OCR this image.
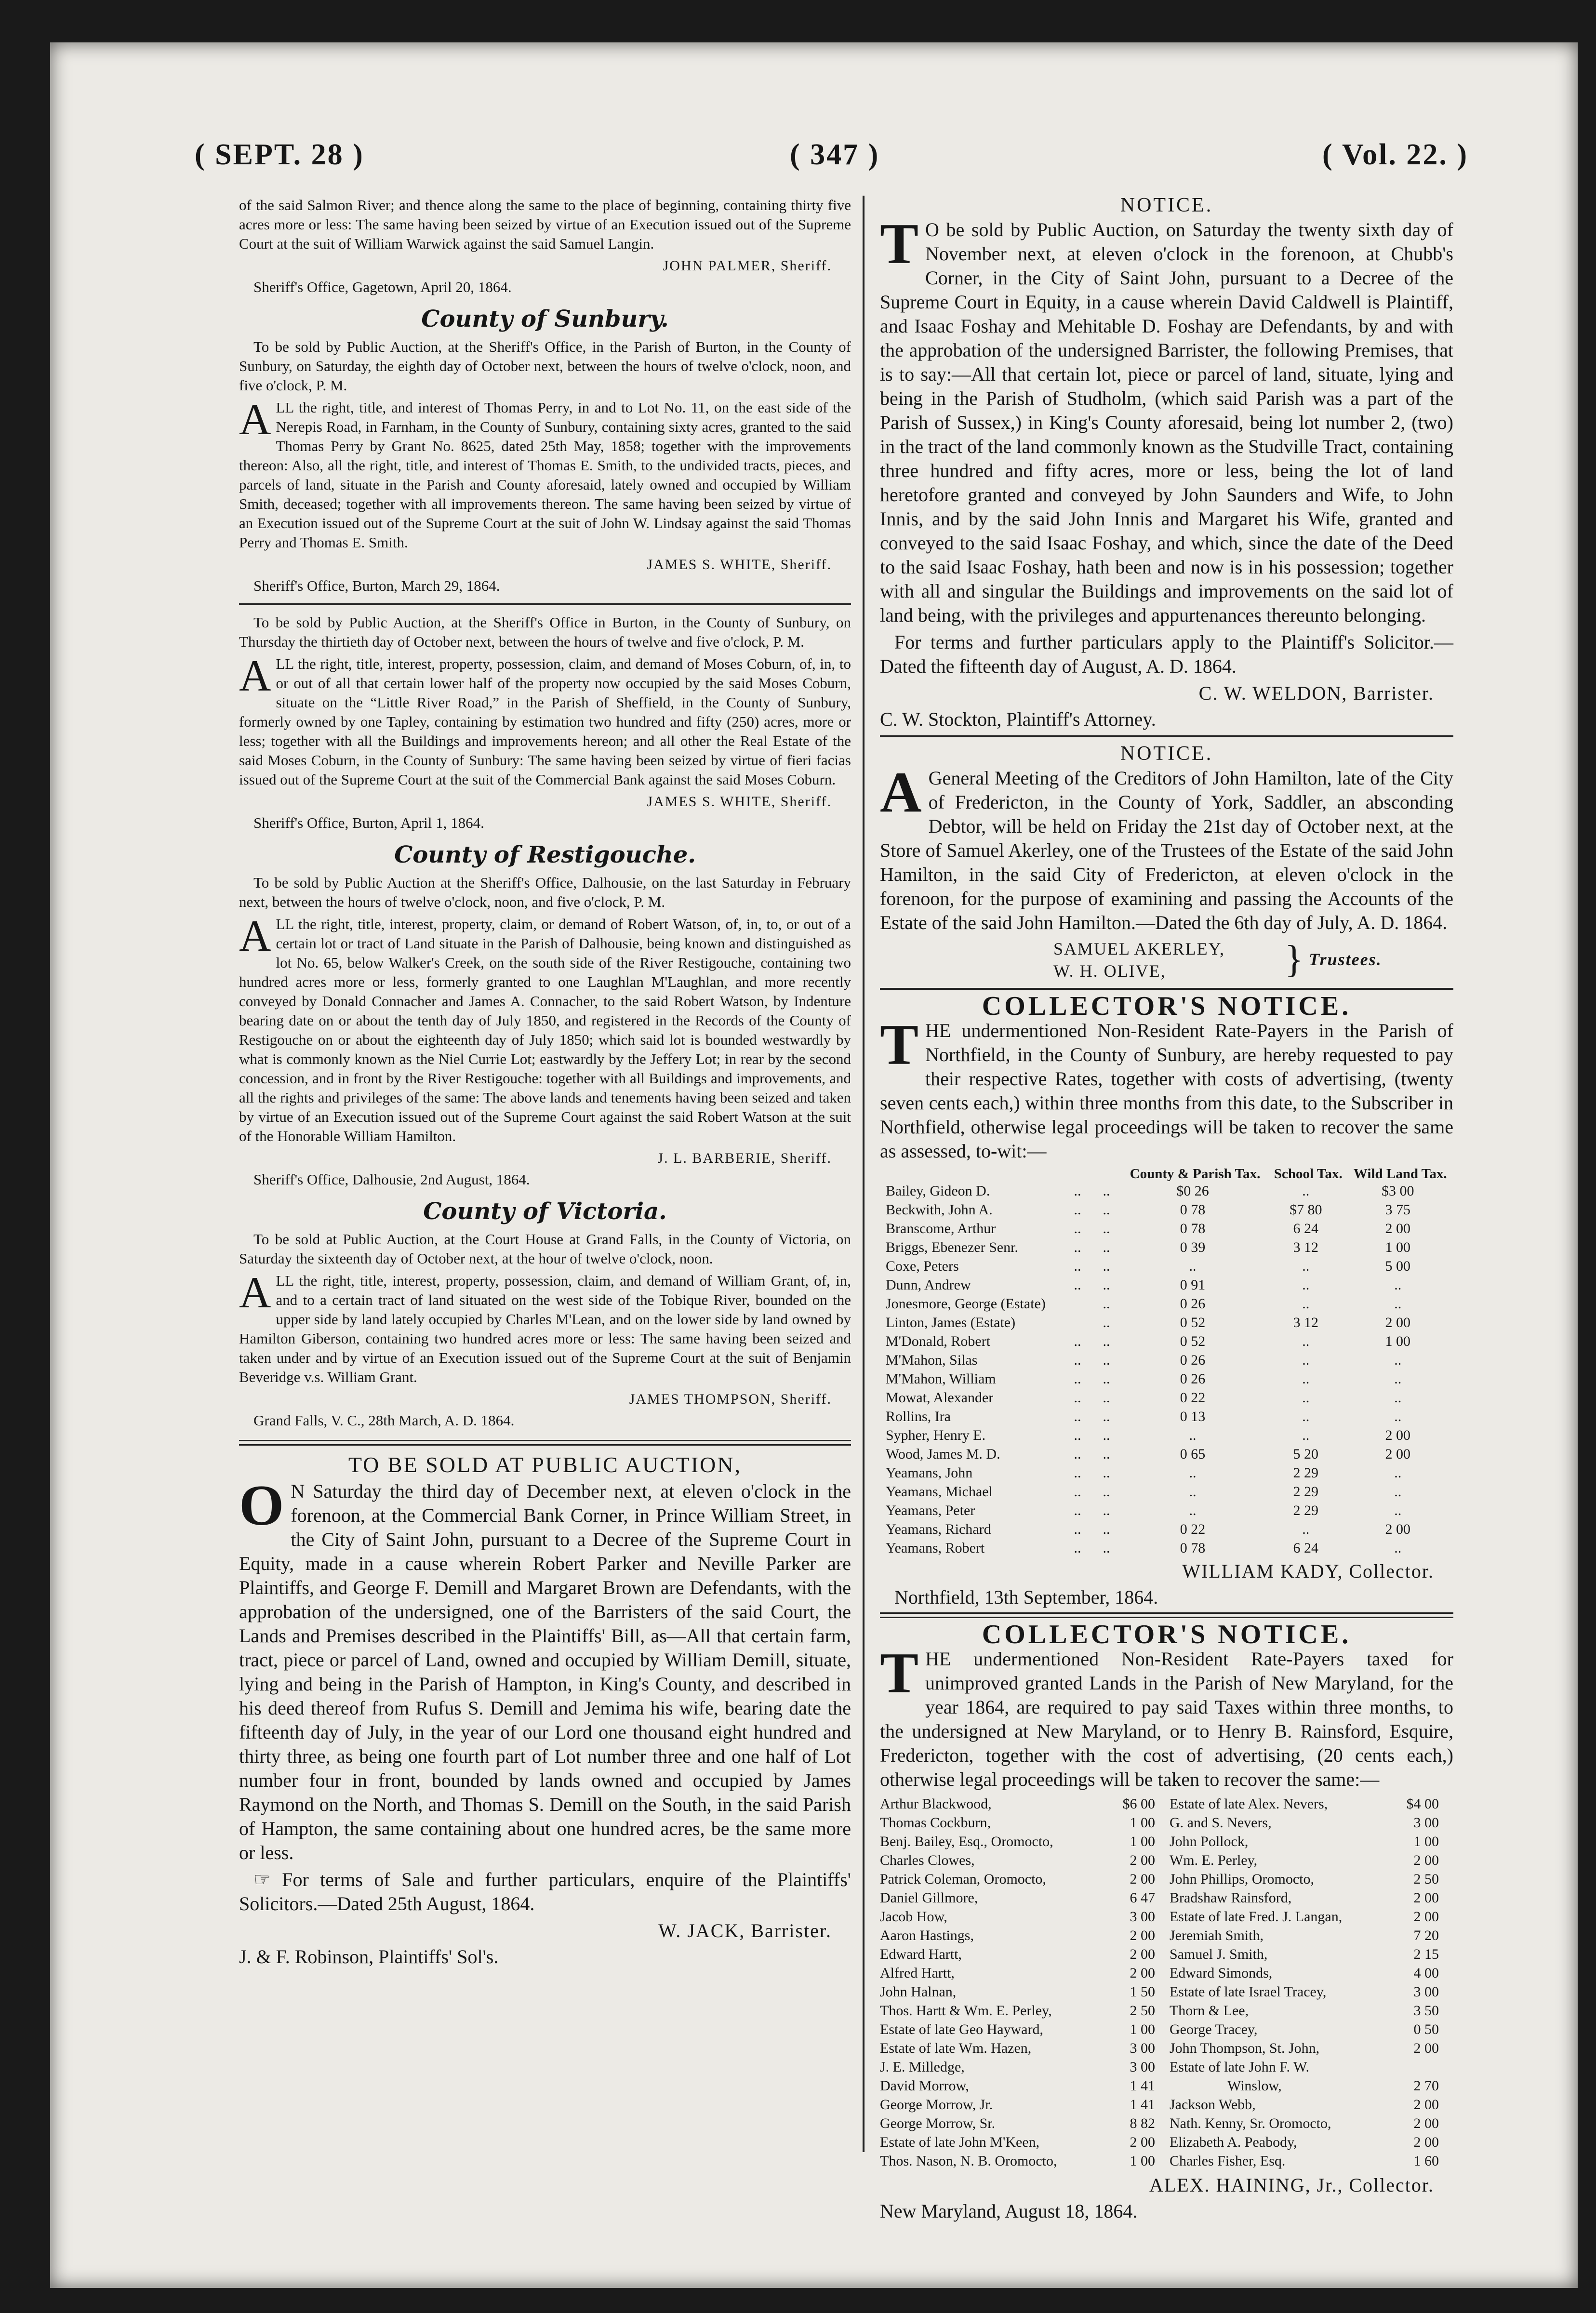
( SEPT. 28 )	( 347 )	( Vol. 22. )

of the said Salmon River; and thence along the same to the place of beginning, containing thirty five acres more or less: The same having been seized by virtue of an Execution issued out of the Supreme Court at the suit of William Warwick against the said Samuel Langin.

JOHN PALMER, Sheriff.

Sheriff's Office, Gagetown, April 20, 1864.

County of Sunbury.

To be sold by Public Auction, at the Sheriff's Office, in the Parish of Burton, in the County of Sunbury, on Saturday, the eighth day of October next, between the hours of twelve o'clock, noon, and five o'clock, P. M.

ALL the right, title, and interest of Thomas Perry, in and to Lot No. 11, on the east side of the Nerepis Road, in Farnham, in the County of Sunbury, containing sixty acres, granted to the said Thomas Perry by Grant No. 8625, dated 25th May, 1858; together with the improvements thereon: Also, all the right, title, and interest of Thomas E. Smith, to the undivided tracts, pieces, and parcels of land, situate in the Parish and County aforesaid, lately owned and occupied by William Smith, deceased; together with all improvements thereon. The same having been seized by virtue of an Execution issued out of the Supreme Court at the suit of John W. Lindsay against the said Thomas Perry and Thomas E. Smith.

JAMES S. WHITE, Sheriff.

Sheriff's Office, Burton, March 29, 1864.

To be sold by Public Auction, at the Sheriff's Office in Burton, in the County of Sunbury, on Thursday the thirtieth day of October next, between the hours of twelve and five o'clock, P. M.

ALL the right, title, interest, property, possession, claim, and demand of Moses Coburn, of, in, to or out of all that certain lower half of the property now occupied by the said Moses Coburn, situate on the “Little River Road,” in the Parish of Sheffield, in the County of Sunbury, formerly owned by one Tapley, containing by estimation two hundred and fifty (250) acres, more or less; together with all the Buildings and improvements hereon; and all other the Real Estate of the said Moses Coburn, in the County of Sunbury: The same having been seized by virtue of fieri facias issued out of the Supreme Court at the suit of the Commercial Bank against the said Moses Coburn.

JAMES S. WHITE, Sheriff.

Sheriff's Office, Burton, April 1, 1864.

County of Restigouche.

To be sold by Public Auction at the Sheriff's Office, Dalhousie, on the last Saturday in February next, between the hours of twelve o'clock, noon, and five o'clock, P. M.

ALL the right, title, interest, property, claim, or demand of Robert Watson, of, in, to, or out of a certain lot or tract of Land situate in the Parish of Dalhousie, being known and distinguished as lot No. 65, below Walker's Creek, on the south side of the River Restigouche, containing two hundred acres more or less, formerly granted to one Laughlan M'Laughlan, and more recently conveyed by Donald Connacher and James A. Connacher, to the said Robert Watson, by Indenture bearing date on or about the tenth day of July 1850, and registered in the Records of the County of Restigouche on or about the eighteenth day of July 1850; which said lot is bounded westwardly by what is commonly known as the Niel Currie Lot; eastwardly by the Jeffery Lot; in rear by the second concession, and in front by the River Restigouche: together with all Buildings and improvements, and all the rights and privileges of the same: The above lands and tenements having been seized and taken by virtue of an Execution issued out of the Supreme Court against the said Robert Watson at the suit of the Honorable William Hamilton.

J. L. BARBERIE, Sheriff.

Sheriff's Office, Dalhousie, 2nd August, 1864.

County of Victoria.

To be sold at Public Auction, at the Court House at Grand Falls, in the County of Victoria, on Saturday the sixteenth day of October next, at the hour of twelve o'clock, noon.

ALL the right, title, interest, property, possession, claim, and demand of William Grant, of, in, and to a certain tract of land situated on the west side of the Tobique River, bounded on the upper side by land lately occupied by Charles M'Lean, and on the lower side by land owned by Hamilton Giberson, containing two hundred acres more or less: The same having been seized and taken under and by virtue of an Execution issued out of the Supreme Court at the suit of Benjamin Beveridge v.s. William Grant.

JAMES THOMPSON, Sheriff.

Grand Falls, V. C., 28th March, A. D. 1864.

TO BE SOLD AT PUBLIC AUCTION,

O N Saturday the third day of December next, at eleven o'clock in the forenoon, at the Commercial Bank Corner, in Prince William Street, in the City of Saint John, pursuant to a Decree of the Supreme Court in Equity, made in a cause wherein Robert Parker and Neville Parker are Plaintiffs, and George F. Demill and Margaret Brown are Defendants, with the approbation of the undersigned, one of the Barristers of the said Court, the Lands and Premises described in the Plaintiffs' Bill, as—All that certain farm, tract, piece or parcel of Land, owned and occupied by William Demill, situate, lying and being in the Parish of Hampton, in King's County, and described in his deed thereof from Rufus S. Demill and Jemima his wife, bearing date the fifteenth day of July, in the year of our Lord one thousand eight hundred and thirty three, as being one fourth part of Lot number three and one half of Lot number four in front, bounded by lands owned and occupied by James Raymond on the North, and Thomas S. Demill on the South, in the said Parish of Hampton, the same containing about one hundred acres, be the same more or less.

☞ For terms of Sale and further particulars, enquire of the Plaintiffs' Solicitors.—Dated 25th August, 1864.

W. JACK, Barrister.

J. & F. Robinson, Plaintiffs' Sol's.

NOTICE.

T O be sold by Public Auction, on Saturday the twenty sixth day of November next, at eleven o'clock in the forenoon, at Chubb's Corner, in the City of Saint John, pursuant to a Decree of the Supreme Court in Equity, in a cause wherein David Caldwell is Plaintiff, and Isaac Foshay and Mehitable D. Foshay are Defendants, by and with the approbation of the undersigned Barrister, the following Premises, that is to say:—All that certain lot, piece or parcel of land, situate, lying and being in the Parish of Studholm, (which said Parish was a part of the Parish of Sussex,) in King's County aforesaid, being lot number 2, (two) in the tract of the land commonly known as the Studville Tract, containing three hundred and fifty acres, more or less, being the lot of land heretofore granted and conveyed by John Saunders and Wife, to John Innis, and by the said John Innis and Margaret his Wife, granted and conveyed to the said Isaac Foshay, and which, since the date of the Deed to the said Isaac Foshay, hath been and now is in his possession; together with all and singular the Buildings and improvements on the said lot of land being, with the privileges and appurtenances thereunto belonging.

For terms and further particulars apply to the Plaintiff's Solicitor.—Dated the fifteenth day of August, A. D. 1864.

C. W. WELDON, Barrister.

C. W. Stockton, Plaintiff's Attorney.

NOTICE.

A General Meeting of the Creditors of John Hamilton, late of the City of Fredericton, in the County of York, Saddler, an absconding Debtor, will be held on Friday the 21st day of October next, at the Store of Samuel Akerley, one of the Trustees of the Estate of the said John Hamilton, in the said City of Fredericton, at eleven o'clock in the forenoon, for the purpose of examining and passing the Accounts of the Estate of the said John Hamilton.—Dated the 6th day of July, A. D. 1864.

SAMUEL AKERLEY,
W. H. OLIVE,	} Trustees.
COLLECTOR'S NOTICE.

THE undermentioned Non-Resident Rate-Payers in the Parish of Northfield, in the County of Sunbury, are hereby requested to pay their respective Rates, together with costs of advertising, (twenty seven cents each,) within three months from this date, to the Subscriber in Northfield, otherwise legal proceedings will be taken to recover the same as assessed, to-wit:—

			County & Parish Tax.	School Tax.	Wild Land Tax.
Bailey, Gideon D.	..	..	$0 26	..	$3 00
Beckwith, John A.	..	..	0 78	$7 80	3 75
Branscome, Arthur	..	..	0 78	6 24	2 00
Briggs, Ebenezer Senr.	..	..	0 39	3 12	1 00
Coxe, Peters	..	..	..	..	5 00
Dunn, Andrew	..	..	0 91	..	..
Jonesmore, George (Estate)		..	0 26	..	..
Linton, James (Estate)		..	0 52	3 12	2 00
M'Donald, Robert	..	..	0 52	..	1 00
M'Mahon, Silas	..	..	0 26	..	..
M'Mahon, William	..	..	0 26	..	..
Mowat, Alexander	..	..	0 22	..	..
Rollins, Ira	..	..	0 13	..	..
Sypher, Henry E.	..	..	..	..	2 00
Wood, James M. D.	..	..	0 65	5 20	2 00
Yeamans, John	..	..	..	2 29	..
Yeamans, Michael	..	..	..	2 29	..
Yeamans, Peter	..	..	..	2 29	..
Yeamans, Richard	..	..	0 22	..	2 00
Yeamans, Robert	..	..	0 78	6 24	..

WILLIAM KADY, Collector.

Northfield, 13th September, 1864.

COLLECTOR'S NOTICE.

THE undermentioned Non-Resident Rate-Payers taxed for unimproved granted Lands in the Parish of New Maryland, for the year 1864, are required to pay said Taxes within three months, to the undersigned at New Maryland, or to Henry B. Rainsford, Esquire, Fredericton, together with the cost of advertising, (20 cents each,) otherwise legal proceedings will be taken to recover the same:—

Arthur Blackwood,	$6 00	Estate of late Alex. Nevers,	$4 00
Thomas Cockburn,	1 00	G. and S. Nevers,	3 00
Benj. Bailey, Esq., Oromocto,	1 00	John Pollock,	1 00
Charles Clowes,	2 00	Wm. E. Perley,	2 00
Patrick Coleman, Oromocto,	2 00	John Phillips, Oromocto,	2 50
Daniel Gillmore,	6 47	Bradshaw Rainsford,	2 00
Jacob How,	3 00	Estate of late Fred. J. Langan,	2 00
Aaron Hastings,	2 00	Jeremiah Smith,	7 20
Edward Hartt,	2 00	Samuel J. Smith,	2 15
Alfred Hartt,	2 00	Edward Simonds,	4 00
John Halnan,	1 50	Estate of late Israel Tracey,	3 00
Thos. Hartt & Wm. E. Perley,	2 50	Thorn & Lee,	3 50
Estate of late Geo Hayward,	1 00	George Tracey,	0 50
Estate of late Wm. Hazen,	3 00	John Thompson, St. John,	2 00
J. E. Milledge,	3 00	Estate of late John F. W.	
David Morrow,	1 41	Winslow,	2 70
George Morrow, Jr.	1 41	Jackson Webb,	2 00
George Morrow, Sr.	8 82	Nath. Kenny, Sr. Oromocto,	2 00
Estate of late John M'Keen,	2 00	Elizabeth A. Peabody,	2 00
Thos. Nason, N. B. Oromocto,	1 00	Charles Fisher, Esq.	1 60

ALEX. HAINING, Jr., Collector.

New Maryland, August 18, 1864.
